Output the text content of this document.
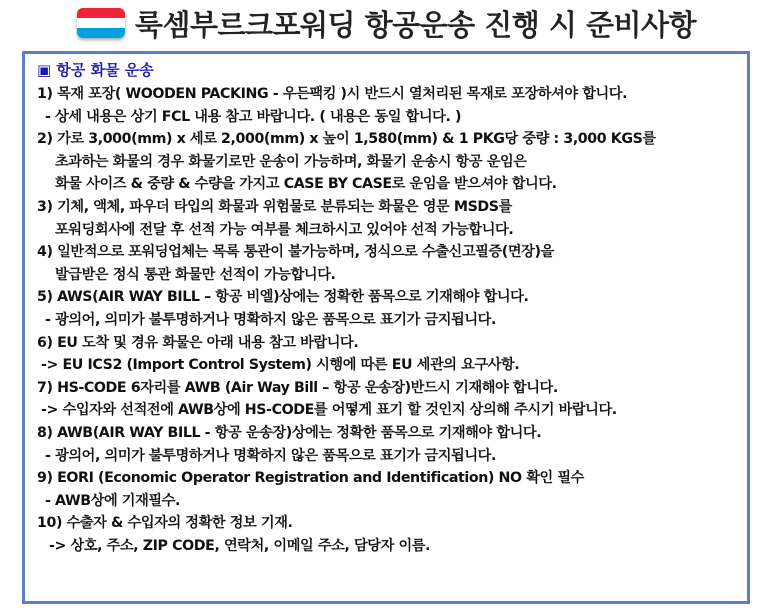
룩셈부르크포워딩 항공운송 진행 시 준비사항
▣ 항공 화물 운송
1) 목재 포장( WOODEN PACKING - 우든팩킹 )시 반드시 열처리된 목재로 포장하셔야 합니다.
- 상세 내용은 상기 FCL 내용 참고 바랍니다. ( 내용은 동일 합니다. )
2) 가로 3,000(mm) x 세로 2,000(mm) x 높이 1,580(mm) & 1 PKG당 중량 : 3,000 KGS를
초과하는 화물의 경우 화물기로만 운송이 가능하며, 화물기 운송시 항공 운임은
화물 사이즈 & 중량 & 수량을 가지고 CASE BY CASE로 운임을 받으셔야 합니다.
3) 기체, 액체, 파우더 타입의 화물과 위험물로 분류되는 화물은 영문 MSDS를
포워딩회사에 전달 후 선적 가능 여부를 체크하시고 있어야 선적 가능합니다.
4) 일반적으로 포워딩업체는 목록 통관이 불가능하며, 정식으로 수출신고필증(면장)을
발급받은 정식 통관 화물만 선적이 가능합니다.
5) AWS(AIR WAY BILL – 항공 비엘)상에는 정확한 품목으로 기재해야 합니다.
- 광의어, 의미가 불투명하거나 명확하지 않은 품목으로 표기가 금지됩니다.
6) EU 도착 및 경유 화물은 아래 내용 참고 바랍니다.
-> EU ICS2 (Import Control System) 시행에 따른 EU 세관의 요구사항.
7) HS-CODE 6자리를 AWB (Air Way Bill – 항공 운송장)반드시 기재해야 합니다.
-> 수입자와 선적전에 AWB상에 HS-CODE를 어떻게 표기 할 것인지 상의해 주시기 바랍니다.
8) AWB(AIR WAY BILL - 항공 운송장)상에는 정확한 품목으로 기재해야 합니다.
- 광의어, 의미가 불투명하거나 명확하지 않은 품목으로 표기가 금지됩니다.
9) EORI (Economic Operator Registration and Identification) NO 확인 필수
- AWB상에 기재필수.
10) 수출자 & 수입자의 정확한 정보 기재.
-> 상호, 주소, ZIP CODE, 연락처, 이메일 주소, 담당자 이름.
